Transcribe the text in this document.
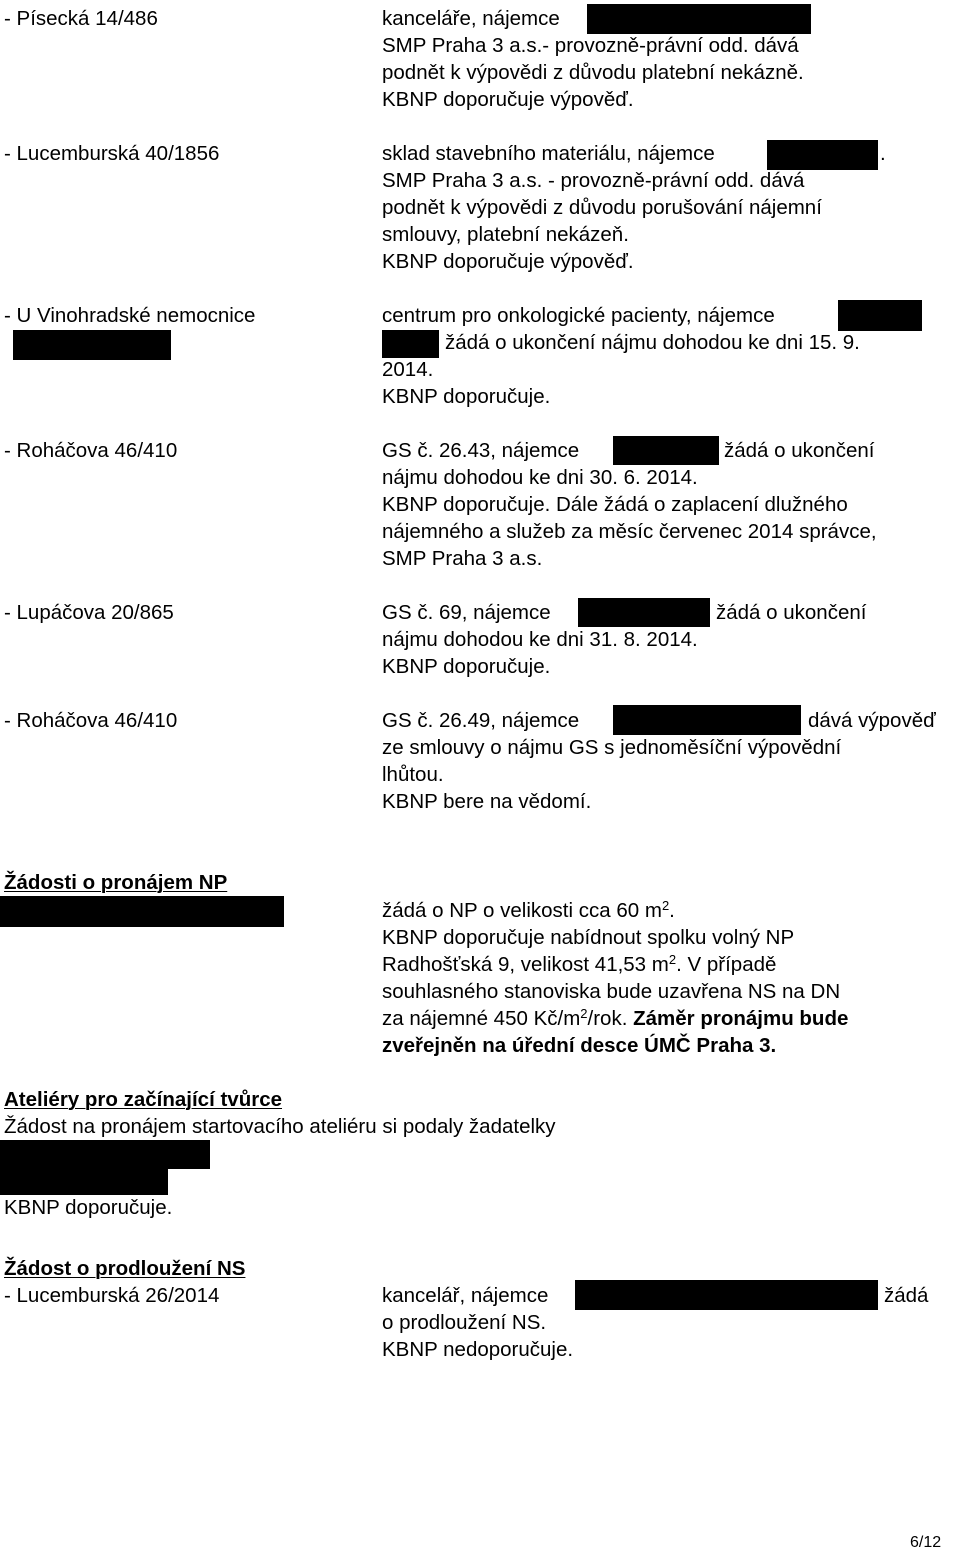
- Písecká 14/486	kanceláře, nájemce
SMP Praha 3 a.s.- provozně-právní odd. dává
podnět k výpovědi z důvodu platební nekázně.
KBNP doporučuje výpověď.
- Lucemburská 40/1856	sklad stavebního materiálu, nájemce	.
SMP Praha 3 a.s. - provozně-právní odd. dává
podnět k výpovědi z důvodu porušování nájemní
smlouvy, platební nekázeň.
KBNP doporučuje výpověď.
- U Vinohradské nemocnice	centrum pro onkologické pacienty, nájemce
žádá o ukončení nájmu dohodou ke dni 15. 9.
2014.
KBNP doporučuje.
- Roháčova 46/410	GS č. 26.43, nájemce	žádá o ukončení
nájmu dohodou ke dni 30. 6. 2014.
KBNP doporučuje. Dále žádá o zaplacení dlužného
nájemného a služeb za měsíc červenec 2014 správce,
SMP Praha 3 a.s.
- Lupáčova 20/865	GS č. 69, nájemce	žádá o ukončení
nájmu dohodou ke dni 31. 8. 2014.
KBNP doporučuje.
- Roháčova 46/410	GS č. 26.49, nájemce	dává výpověď
ze smlouvy o nájmu GS s jednoměsíční výpovědní
lhůtou.
KBNP bere na vědomí.
Žádosti o pronájem NP
žádá o NP o velikosti cca 60 $m^2$.
KBNP doporučuje nabídnout spolku volný NP
Radhošťská 9, velikost 41,53 $m^2$. V případě
souhlasného stanoviska bude uzavřena NS na DN
za nájemné 450 $Kč/m^2$/rok. Záměr pronájmu bude
zveřejněn na úřední desce ÚMČ Praha 3.
Ateliéry pro začínající tvůrce
Žádost na pronájem startovacího ateliéru si podaly žadatelky
KBNP doporučuje.
Žádost o prodloužení NS
- Lucemburská 26/2014	kancelář, nájemce	žádá
o prodloužení NS.
KBNP nedoporučuje.
6/12
